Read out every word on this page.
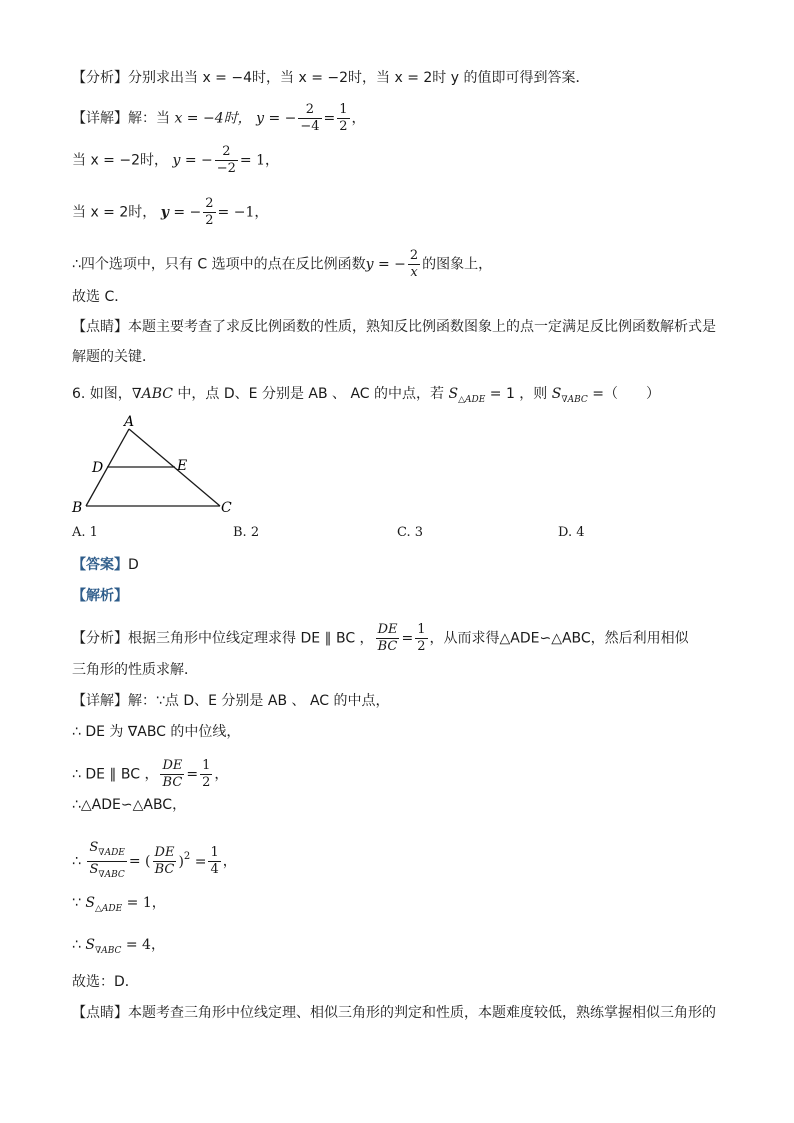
【分析】分别求出当 x = −4时，当 x = −2时，当 x = 2时 y 的值即可得到答案．
【详解】解：当 x = −4时， y = − $\frac{2}{-4} = \frac{1}{2}$ ，
当 x = −2时， y = − $\frac{2}{-2} = 1$，
当 x = 2时， y = − $\frac{2}{2} = -1$，
∴四个选项中，只有 C 选项中的点在反比例函数y = − $\frac{2}{x}$ 的图象上，
故选 C．
【点睛】本题主要考查了求反比例函数的性质，熟知反比例函数图象上的点一定满足反比例函数解析式是
解题的关键．
6. 如图，∇ABC 中，点 D、E 分别是 AB 、 AC 的中点，若 $S_{\triangle ADE} = 1$ ，则 $S_{\nabla ABC}$ =（　　）
A
D	E
B	C
A. 1	B. 2	C. 3	D. 4
【答案】D
【解析】
【分析】根据三角形中位线定理求得 DE ∥ BC ， $\frac{DE}{BC} = \frac{1}{2}$ ，从而求得△ADE∽△ABC，然后利用相似
三角形的性质求解．
【详解】解：∵点 D、E 分别是 AB 、 AC 的中点，
∴ DE 为 ∇ABC 的中位线，
∴ DE ∥ BC ， $\frac{DE}{BC} = \frac{1}{2}$ ，
∴△ADE∽△ABC，
∴ $\frac{S_{\nabla ADE}}{S_{\nabla ABC}}$ = ( $\frac{DE}{BC} )^2 = \frac{1}{4}$ ，
∵ $S_{\triangle ADE} = 1$，
∴ $S_{\nabla ABC} = 4$，
故选：D．
【点睛】本题考查三角形中位线定理、相似三角形的判定和性质，本题难度较低，熟练掌握相似三角形的
